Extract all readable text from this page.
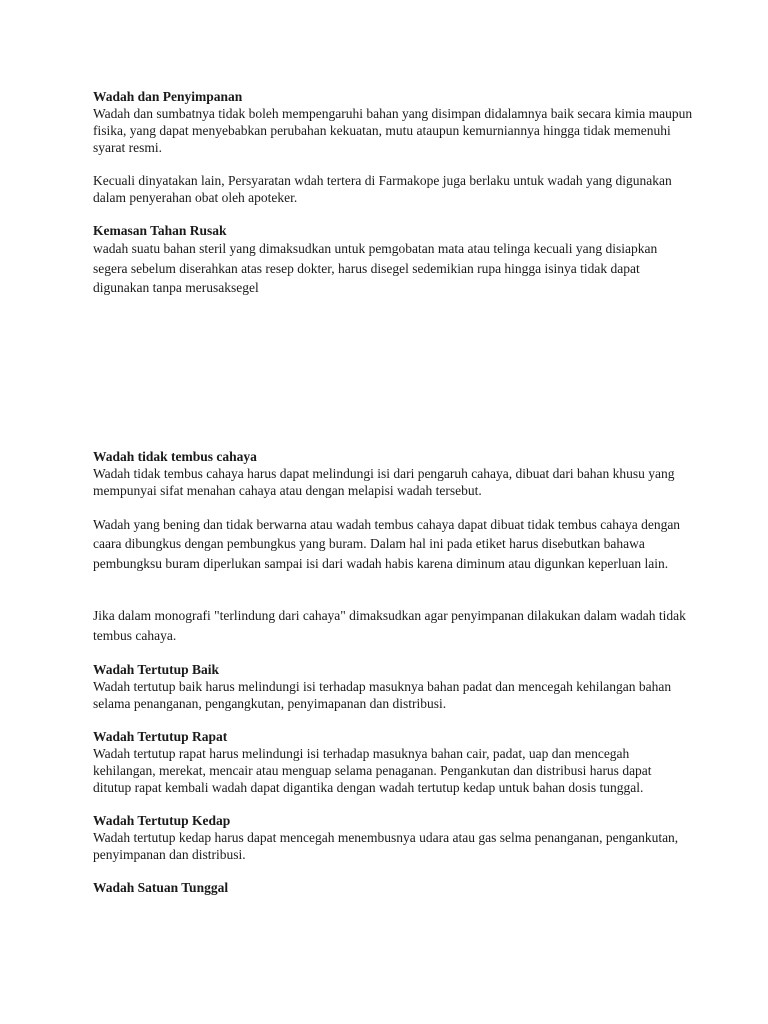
Wadah dan Penyimpanan

Wadah dan sumbatnya tidak boleh mempengaruhi bahan yang disimpan didalamnya baik secara kimia maupun fisika, yang dapat menyebabkan perubahan kekuatan, mutu ataupun kemurniannya hingga tidak memenuhi syarat resmi.

Kecuali dinyatakan lain, Persyaratan wdah tertera di Farmakope juga berlaku untuk wadah yang digunakan dalam penyerahan obat oleh apoteker.

Kemasan Tahan Rusak

wadah suatu bahan steril yang dimaksudkan untuk pemgobatan mata atau telinga kecuali yang disiapkan segera sebelum diserahkan atas resep dokter, harus disegel sedemikian rupa hingga isinya tidak dapat digunakan tanpa merusaksegel

Wadah tidak tembus cahaya

Wadah tidak tembus cahaya harus dapat melindungi isi dari pengaruh cahaya, dibuat dari bahan khusu yang mempunyai sifat menahan cahaya atau dengan melapisi wadah tersebut.

Wadah yang bening dan tidak berwarna atau wadah tembus cahaya dapat dibuat tidak tembus cahaya dengan caara dibungkus dengan pembungkus yang buram. Dalam hal ini pada etiket harus disebutkan bahawa pembungksu buram diperlukan sampai isi dari wadah habis karena diminum atau digunkan keperluan lain.

Jika dalam monografi "terlindung dari cahaya" dimaksudkan agar penyimpanan dilakukan dalam wadah tidak tembus cahaya.

Wadah Tertutup Baik

Wadah tertutup baik harus melindungi isi terhadap masuknya bahan padat dan mencegah kehilangan bahan selama penanganan, pengangkutan, penyimapanan dan distribusi.

Wadah Tertutup Rapat

Wadah tertutup rapat harus melindungi isi terhadap masuknya bahan cair, padat, uap dan mencegah kehilangan, merekat, mencair atau menguap selama penaganan. Pengankutan dan distribusi harus dapat ditutup rapat kembali wadah dapat digantika dengan wadah tertutup kedap untuk bahan dosis tunggal.

Wadah Tertutup Kedap

Wadah tertutup kedap harus dapat mencegah menembusnya udara atau gas selma penanganan, pengankutan, penyimpanan dan distribusi.

Wadah Satuan Tunggal
